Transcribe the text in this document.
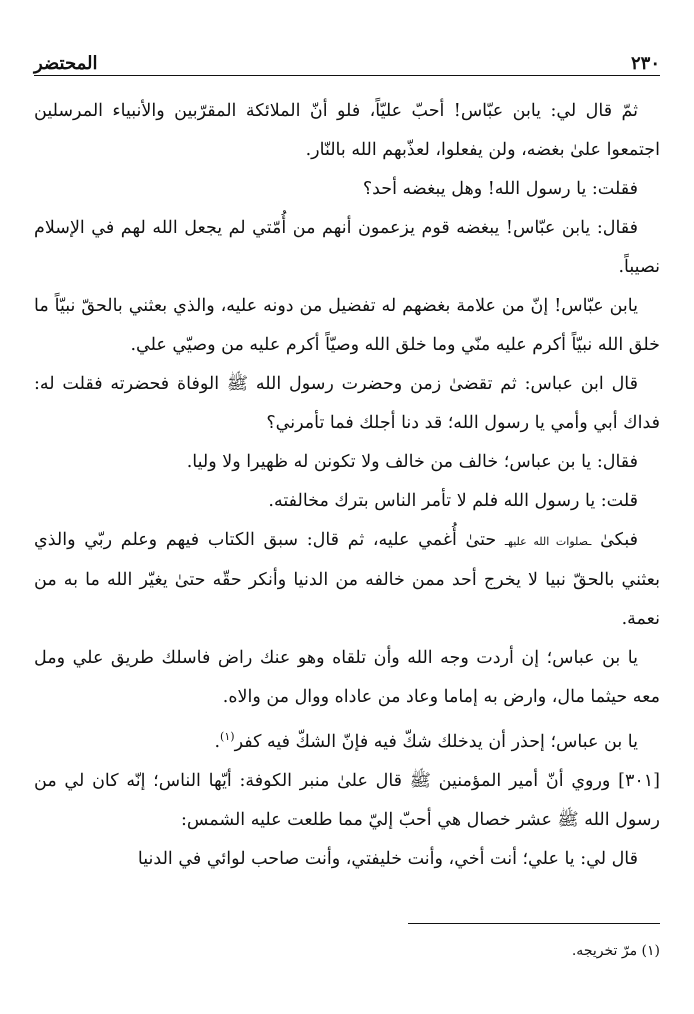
المحتضر	٢٣٠

ثمّ قال لي: يابن عبّاس! أحبّ عليّاً، فلو أنّ الملائكة المقرّبين والأنبياء المرسلين اجتمعوا علىٰ بغضه، ولن يفعلوا، لعذّبهم الله بالنّار.

فقلت: يا رسول الله! وهل يبغضه أحد؟

فقال: يابن عبّاس! يبغضه قوم يزعمون أنهم من أُمّتي لم يجعل الله لهم في الإسلام نصيباً.

يابن عبّاس! إنّ من علامة بغضهم له تفضيل من دونه عليه، والذي بعثني بالحقّ نبيّاً ما خلق الله نبيّاً أكرم عليه منّي وما خلق الله وصيّاً أكرم عليه من وصيّي علي.

قال ابن عباس: ثم تقضىٰ زمن وحضرت رسول الله ﷺ الوفاة فحضرته فقلت له: فداك أبي وأمي يا رسول الله؛ قد دنا أجلك فما تأمرني؟

فقال: يا بن عباس؛ خالف من خالف ولا تكونن له ظهيرا ولا وليا.

قلت: يا رسول الله فلم لا تأمر الناس بترك مخالفته.

فبكىٰ ـصلوات الله عليهـ حتىٰ أُغمي عليه، ثم قال: سبق الكتاب فيهم وعلم ربّي والذي بعثني بالحقّ نبيا لا يخرج أحد ممن خالفه من الدنيا وأنكر حقّه حتىٰ يغيّر الله ما به من نعمة.

يا بن عباس؛ إن أردت وجه الله وأن تلقاه وهو عنك راض فاسلك طريق علي ومل معه حيثما مال، وارض به إماما وعاد من عاداه ووال من والاه.

يا بن عباس؛ إحذر أن يدخلك شكّ فيه فإنّ الشكّ فيه كفر$^{(١)}$.

[٣٠١] وروي أنّ أمير المؤمنين ﷺ قال علىٰ منبر الكوفة: أيّها الناس؛ إنّه كان لي من رسول الله ﷺ عشر خصال هي أحبّ إليّ مما طلعت عليه الشمس:

قال لي: يا علي؛ أنت أخي، وأنت خليفتي، وأنت صاحب لوائي في الدنيا

(١) مرّ تخريجه.
